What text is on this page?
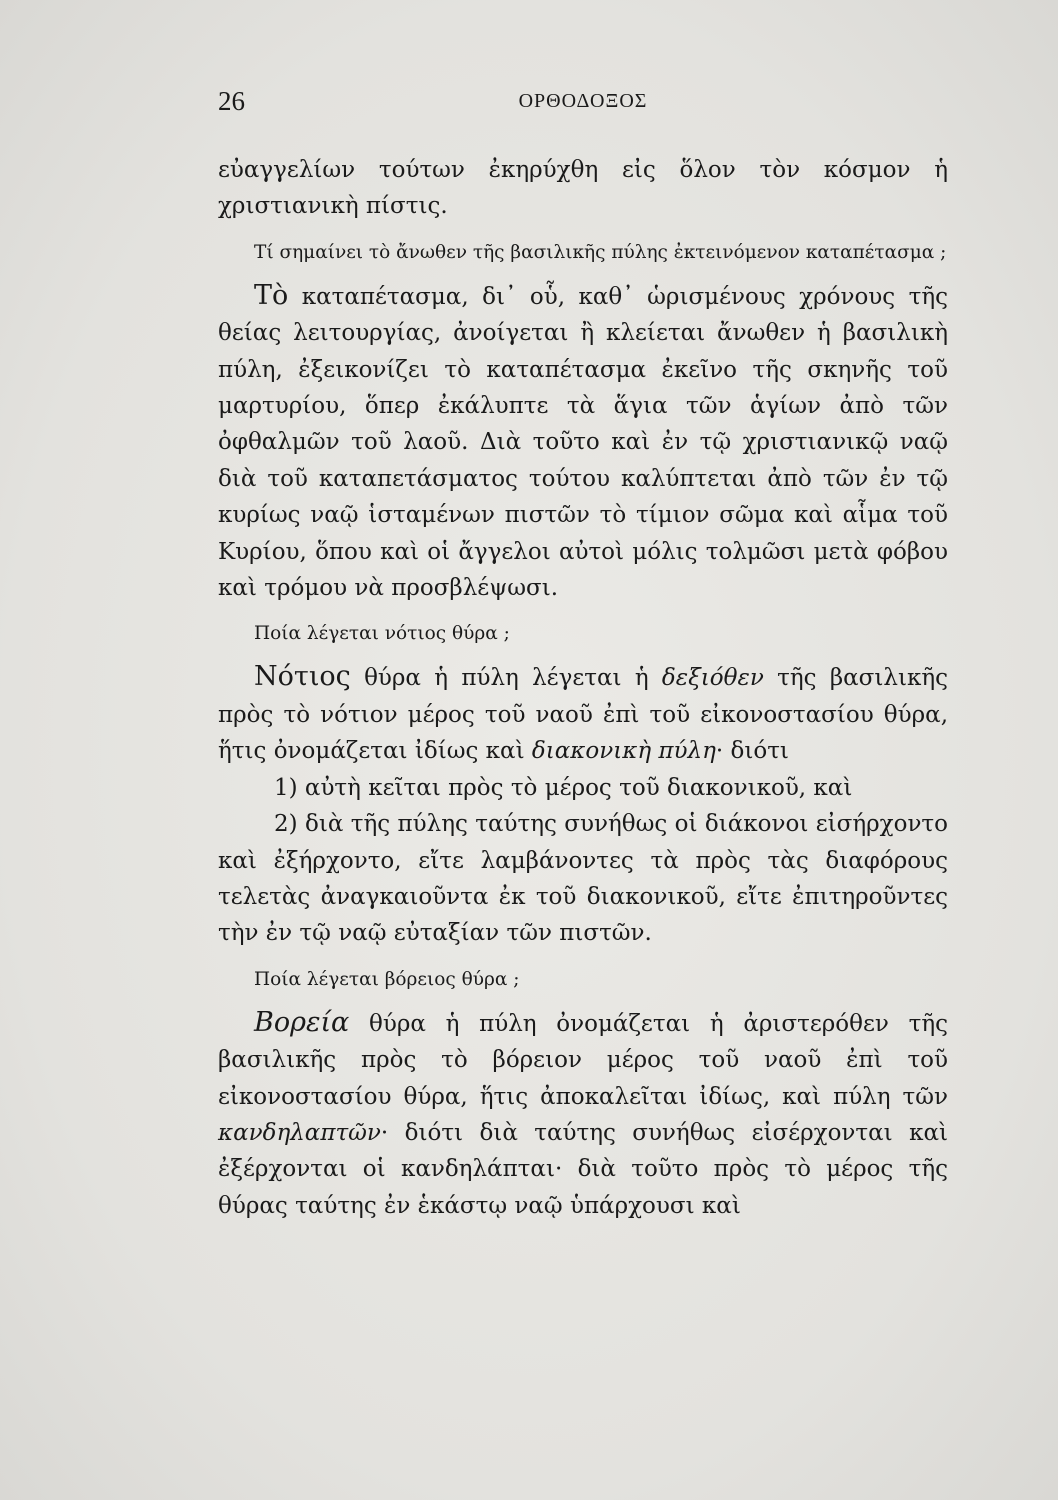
26	ΟΡΘΟΔΟΞΟΣ

εὐαγγελίων τούτων ἐκηρύχθη εἰς ὅλον τὸν κόσμον ἡ χριστιανικὴ πίστις.

Τί σημαίνει τὸ ἄνωθεν τῆς βασιλικῆς πύλης ἐκτεινόμενον καταπέτασμα ;

Τὸ καταπέτασμα, δι᾽ οὗ, καθ᾽ ὡρισμένους χρόνους τῆς θείας λειτουργίας, ἀνοίγεται ἢ κλείεται ἄνωθεν ἡ βασιλικὴ πύλη, ἐξεικονίζει τὸ καταπέτασμα ἐκεῖνο τῆς σκηνῆς τοῦ μαρτυρίου, ὅπερ ἐκάλυπτε τὰ ἅγια τῶν ἁγίων ἀπὸ τῶν ὀφθαλμῶν τοῦ λαοῦ. Διὰ τοῦτο καὶ ἐν τῷ χριστιανικῷ ναῷ διὰ τοῦ καταπετάσματος τούτου καλύπτεται ἀπὸ τῶν ἐν τῷ κυρίως ναῷ ἱσταμένων πιστῶν τὸ τίμιον σῶμα καὶ αἷμα τοῦ Κυρίου, ὅπου καὶ οἱ ἄγγελοι αὐτοὶ μόλις τολμῶσι μετὰ φόβου καὶ τρόμου νὰ προσβλέψωσι.

Ποία λέγεται νότιος θύρα ;

Νότιος θύρα ἡ πύλη λέγεται ἡ δεξιόθεν τῆς βασιλικῆς πρὸς τὸ νότιον μέρος τοῦ ναοῦ ἐπὶ τοῦ εἰκονοστασίου θύρα, ἥτις ὀνομάζεται ἰδίως καὶ διακονικὴ πύλη· διότι

1) αὐτὴ κεῖται πρὸς τὸ μέρος τοῦ διακονικοῦ, καὶ

2) διὰ τῆς πύλης ταύτης συνήθως οἱ διάκονοι εἰσήρχοντο καὶ ἐξήρχοντο, εἴτε λαμβάνοντες τὰ πρὸς τὰς διαφόρους τελετὰς ἀναγκαιοῦντα ἐκ τοῦ διακονικοῦ, εἴτε ἐπιτηροῦντες τὴν ἐν τῷ ναῷ εὐταξίαν τῶν πιστῶν.

Ποία λέγεται βόρειος θύρα ;

Βορεία θύρα ἡ πύλη ὀνομάζεται ἡ ἀριστερόθεν τῆς βασιλικῆς πρὸς τὸ βόρειον μέρος τοῦ ναοῦ ἐπὶ τοῦ εἰκονοστασίου θύρα, ἥτις ἀποκαλεῖται ἰδίως, καὶ πύλη τῶν κανδηλαπτῶν· διότι διὰ ταύτης συνήθως εἰσέρχονται καὶ ἐξέρχονται οἱ κανδηλάπται· διὰ τοῦτο πρὸς τὸ μέρος τῆς θύρας ταύτης ἐν ἑκάστῳ ναῷ ὑπάρχουσι καὶ
